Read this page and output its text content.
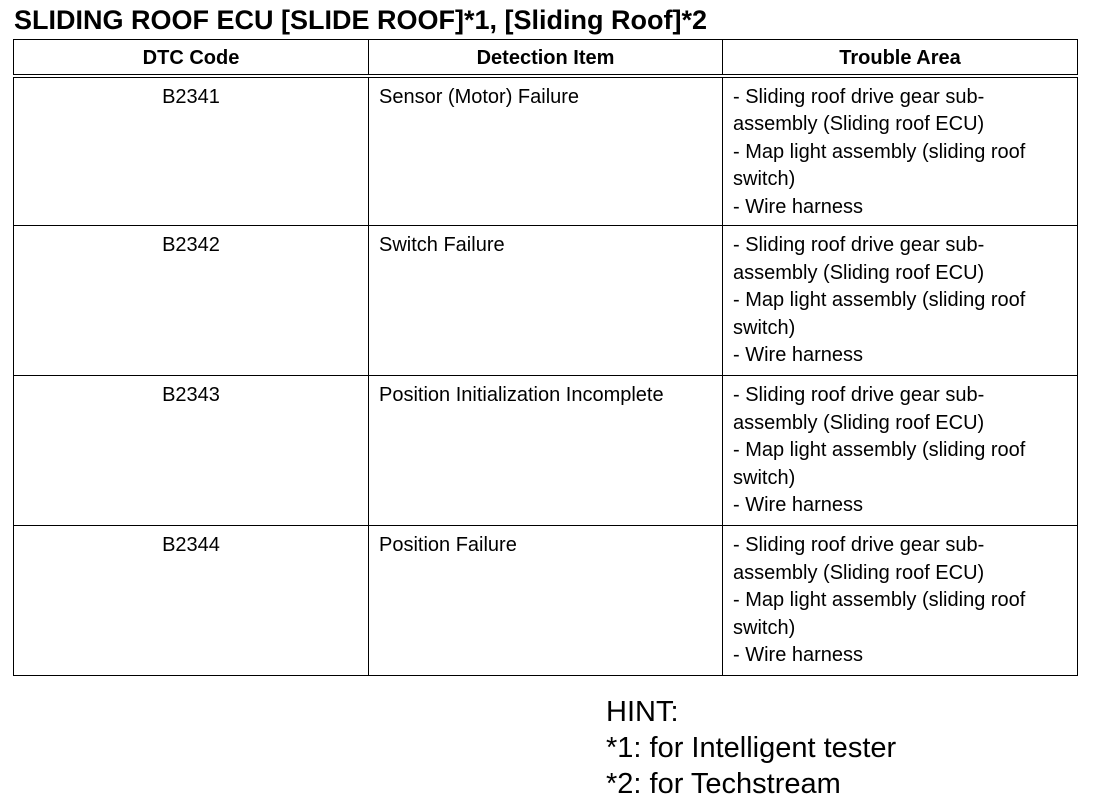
SLIDING ROOF ECU [SLIDE ROOF]*1, [Sliding Roof]*2
DTC Code	Detection Item	Trouble Area
B2341	Sensor (Motor) Failure	- Sliding roof drive gear sub-
assembly (Sliding roof ECU)
- Map light assembly (sliding roof
switch)
- Wire harness

B2342	Switch Failure	- Sliding roof drive gear sub-
assembly (Sliding roof ECU)
- Map light assembly (sliding roof
switch)
- Wire harness

B2343	Position Initialization Incomplete	- Sliding roof drive gear sub-
assembly (Sliding roof ECU)
- Map light assembly (sliding roof
switch)
- Wire harness

B2344	Position Failure	- Sliding roof drive gear sub-
assembly (Sliding roof ECU)
- Map light assembly (sliding roof
switch)
- Wire harness
HINT:
*1: for Intelligent tester
*2: for Techstream
